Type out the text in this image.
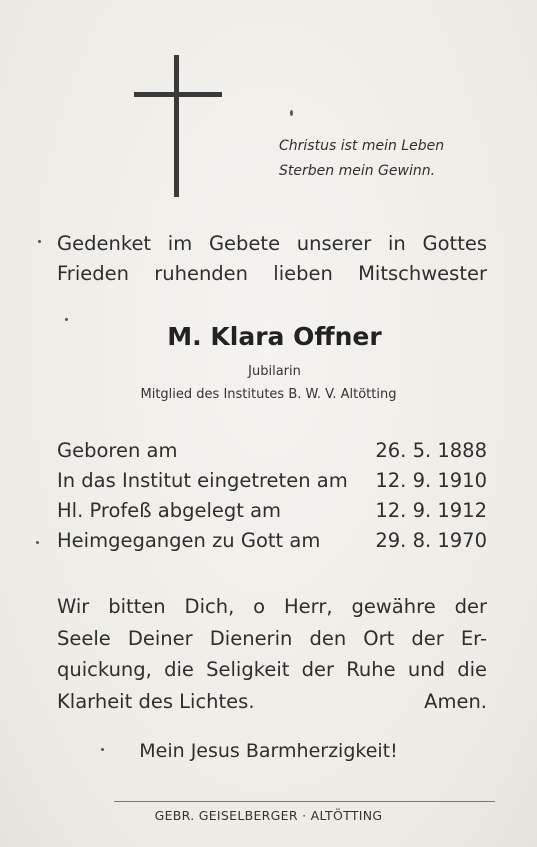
Christus ist mein Leben
Sterben mein Gewinn.
Gedenket im Gebete unserer in Gottes
Frieden ruhenden lieben Mitschwester
M. Klara Offner
Jubilarin
Mitglied des Institutes B. W. V. Altötting
Geboren am	26. 5. 1888
In das Institut eingetreten am 12. 9. 1910
Hl. Profeß abgelegt am	12. 9. 1912
Heimgegangen zu Gott am	29. 8. 1970
Wir bitten Dich, o Herr, gewähre der
Seele Deiner Dienerin den Ort der Er-
quickung, die Seligkeit der Ruhe und die
Klarheit des Lichtes.	Amen.
Mein Jesus Barmherzigkeit!
GEBR. GEISELBERGER · ALTÖTTING
